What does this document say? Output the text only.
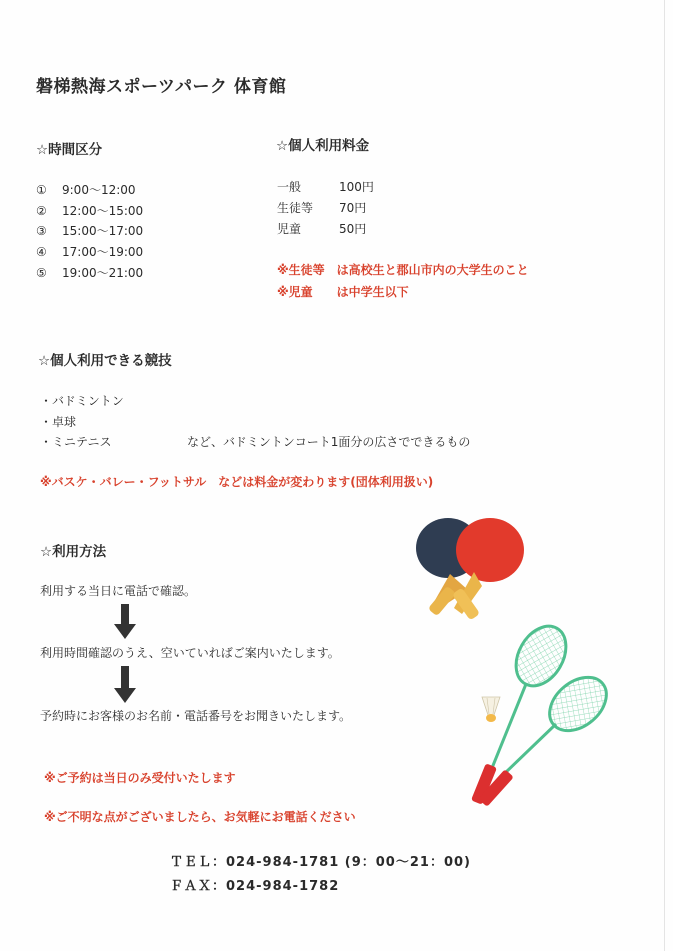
磐梯熱海スポーツパーク 体育館
☆時間区分
① 9:00～12:00
② 12:00～15:00
③ 15:00～17:00
④ 17:00～19:00
⑤ 19:00～21:00
☆個人利用料金
一般	100円
生徒等 70円
児童	50円
※生徒等　は高校生と郡山市内の大学生のこと
※児童　　は中学生以下
☆個人利用できる競技
・バドミントン
・卓球
・ミニテニス	など、バドミントンコート1面分の広さでできるもの
※バスケ・バレー・フットサル　などは料金が変わります(団体利用扱い)
☆利用方法
利用する当日に電話で確認。
利用時間確認のうえ、空いていればご案内いたします。
予約時にお客様のお名前・電話番号をお聞きいたします。
※ご予約は当日のみ受付いたします
※ご不明な点がございましたら、お気軽にお電話ください
ＴＥＬ：024-984-1781 (9：00～21：00)
ＦＡＸ：024-984-1782
